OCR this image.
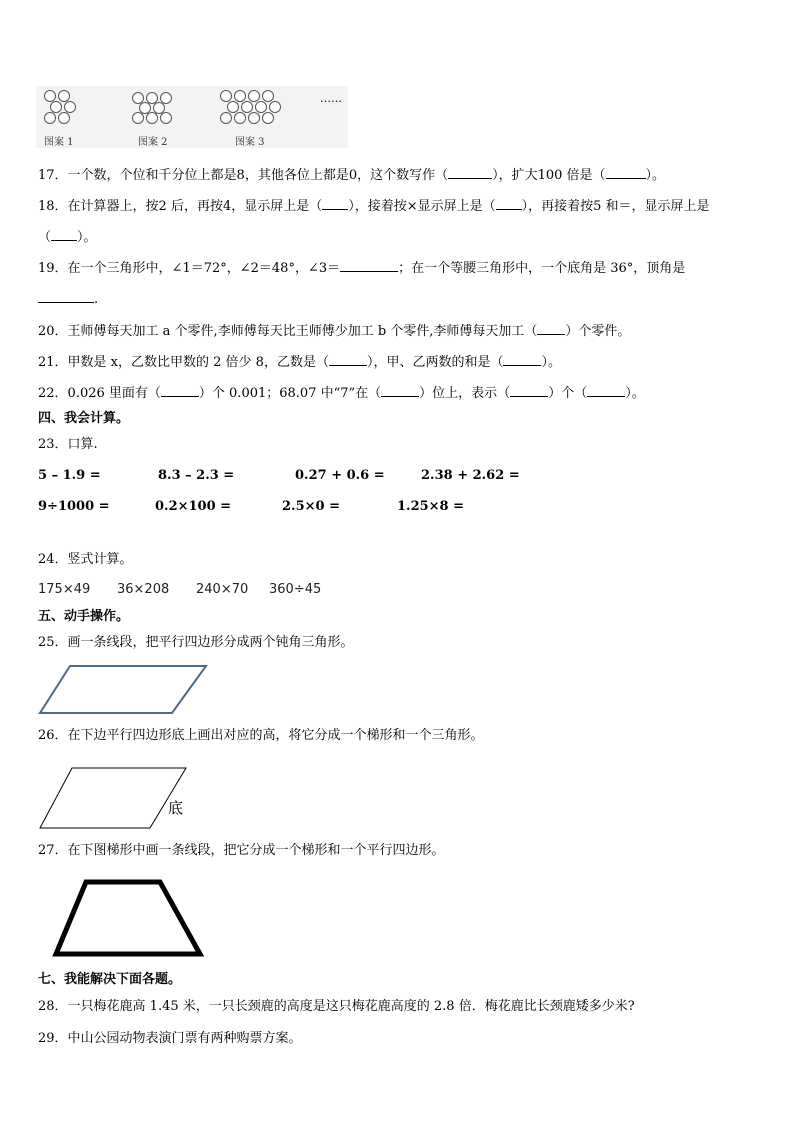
……
图案 1	图案 2	图案 3
17．一个数，个位和千分位上都是8，其他各位上都是0，这个数写作（	），扩大100 倍是（	）。
18．在计算器上，按2 后，再按4，显示屏上是（ ），接着按×显示屏上是（ ），再接着按5 和＝，显示屏上是
（ ）。
19．在一个三角形中，∠1＝72°，∠2＝48°，∠3＝	；在一个等腰三角形中，一个底角是 36°，顶角是
.
20．王师傅每天加工 a 个零件,李师傅每天比王师傅少加工 b 个零件,李师傅每天加工（ ）个零件。
21．甲数是 x，乙数比甲数的 2 倍少 8，乙数是（	），甲、乙两数的和是（	）。
22．0.026 里面有（	）个 0.001；68.07 中“7”在（	）位上，表示（	）个（	）。
四、我会计算。
23．口算.
5 – 1.9 =	8.3 – 2.3 =	0.27 + 0.6 =	2.38 + 2.62 =
9÷1000 =	0.2×100 =	2.5×0 =	1.25×8 =
24．竖式计算。
175×49 36×208 240×70 360÷45
五、动手操作。
25．画一条线段，把平行四边形分成两个钝角三角形。
26．在下边平行四边形底上画出对应的高，将它分成一个梯形和一个三角形。
底
27．在下图梯形中画一条线段，把它分成一个梯形和一个平行四边形。
七、我能解决下面各题。
28．一只梅花鹿高 1.45 米，一只长颈鹿的高度是这只梅花鹿高度的 2.8 倍．梅花鹿比长颈鹿矮多少米?
29．中山公园动物表演门票有两种购票方案。
